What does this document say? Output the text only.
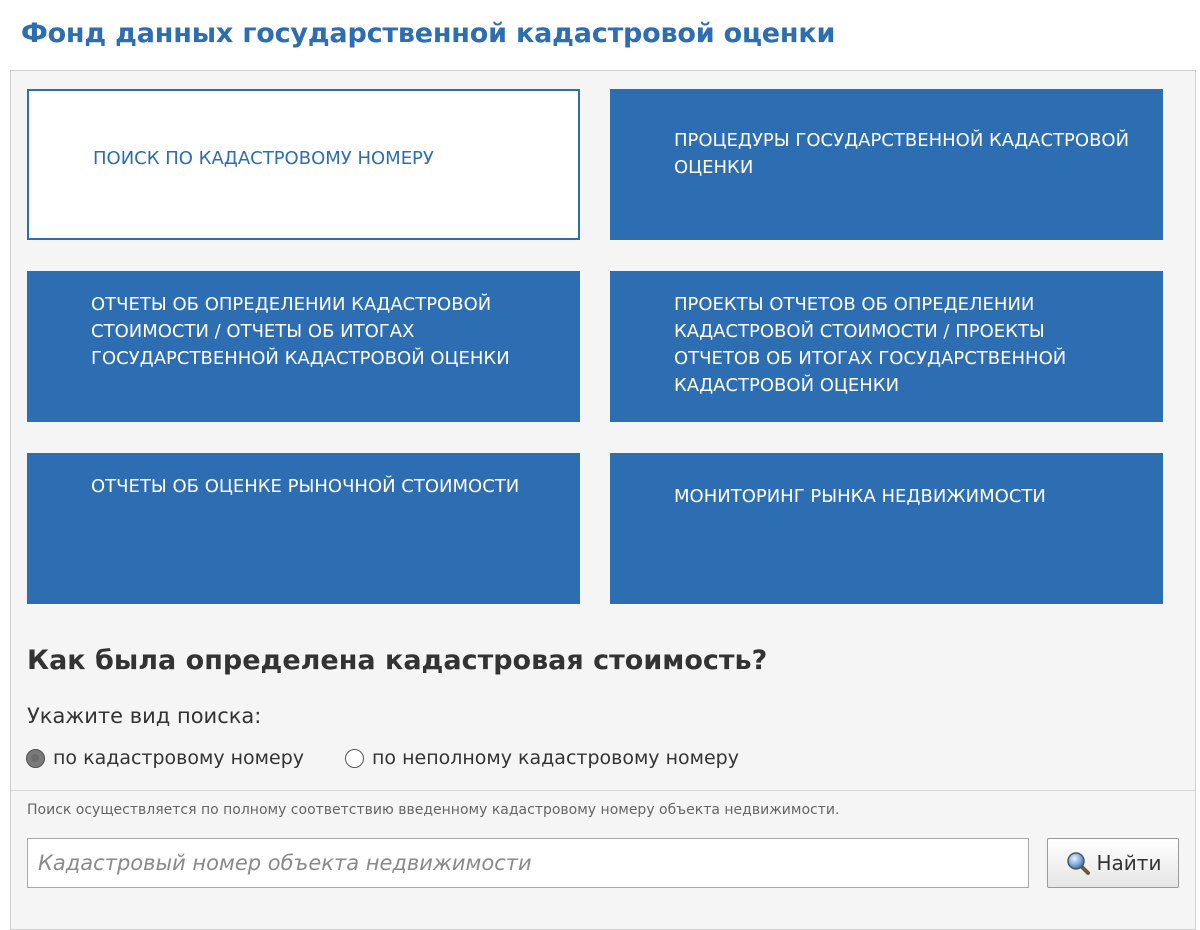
Фонд данных государственной кадастровой оценки
ПОИСК ПО КАДАСТРОВОМУ НОМЕРУ
ПРОЦЕДУРЫ ГОСУДАРСТВЕННОЙ КАДАСТРОВОЙ ОЦЕНКИ
ОТЧЕТЫ ОБ ОПРЕДЕЛЕНИИ КАДАСТРОВОЙ СТОИМОСТИ / ОТЧЕТЫ ОБ ИТОГАХ ГОСУДАРСТВЕННОЙ КАДАСТРОВОЙ ОЦЕНКИ
ПРОЕКТЫ ОТЧЕТОВ ОБ ОПРЕДЕЛЕНИИ КАДАСТРОВОЙ СТОИМОСТИ / ПРОЕКТЫ ОТЧЕТОВ ОБ ИТОГАХ ГОСУДАРСТВЕННОЙ КАДАСТРОВОЙ ОЦЕНКИ
ОТЧЕТЫ ОБ ОЦЕНКЕ РЫНОЧНОЙ СТОИМОСТИ	МОНИТОРИНГ РЫНКА НЕДВИЖИМОСТИ
Как была определена кадастровая стоимость?
Укажите вид поиска:
по кадастровому номеру	по неполному кадастровому номеру
Поиск осуществляется по полному соответствию введенному кадастровому номеру объекта недвижимости.
Кадастровый номер объекта недвижимости
Найти
